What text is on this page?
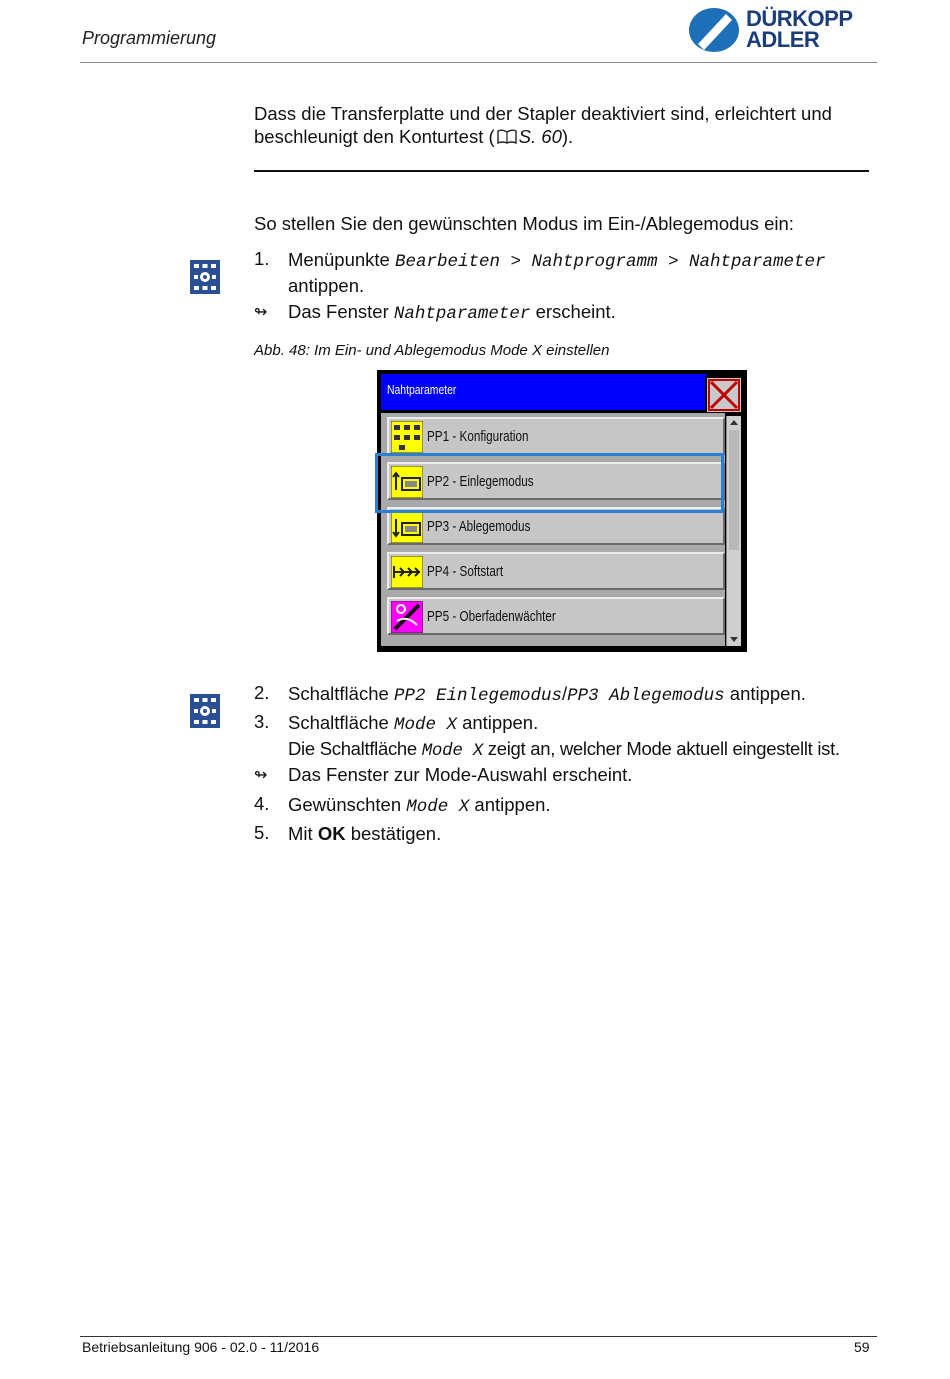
Programmierung
DÜRKOPP
ADLER
Dass die Transferplatte und der Stapler deaktiviert sind, erleichtert und beschleunigt den Konturtest ( S. 60).
So stellen Sie den gewünschten Modus im Ein-/Ablegemodus ein:
1. Menüpunkte Bearbeiten > Nahtprogramm > Nahtparameter
antippen.
↬ Das Fenster Nahtparameter erscheint.
Abb. 48: Im Ein- und Ablegemodus Mode X einstellen
Nahtparameter
PP1 - Konfiguration
PP2 - Einlegemodus
PP3 - Ablegemodus
PP4 - Softstart
PP5 - Oberfadenwächter
2. Schaltfläche PP2 Einlegemodus/PP3 Ablegemodus antippen.
3. Schaltfläche Mode X antippen.
Die Schaltfläche Mode X zeigt an, welcher Mode aktuell eingestellt ist.
↬ Das Fenster zur Mode-Auswahl erscheint.
4. Gewünschten Mode X antippen.
5. Mit OK bestätigen.
Betriebsanleitung 906 - 02.0 - 11/2016	59
